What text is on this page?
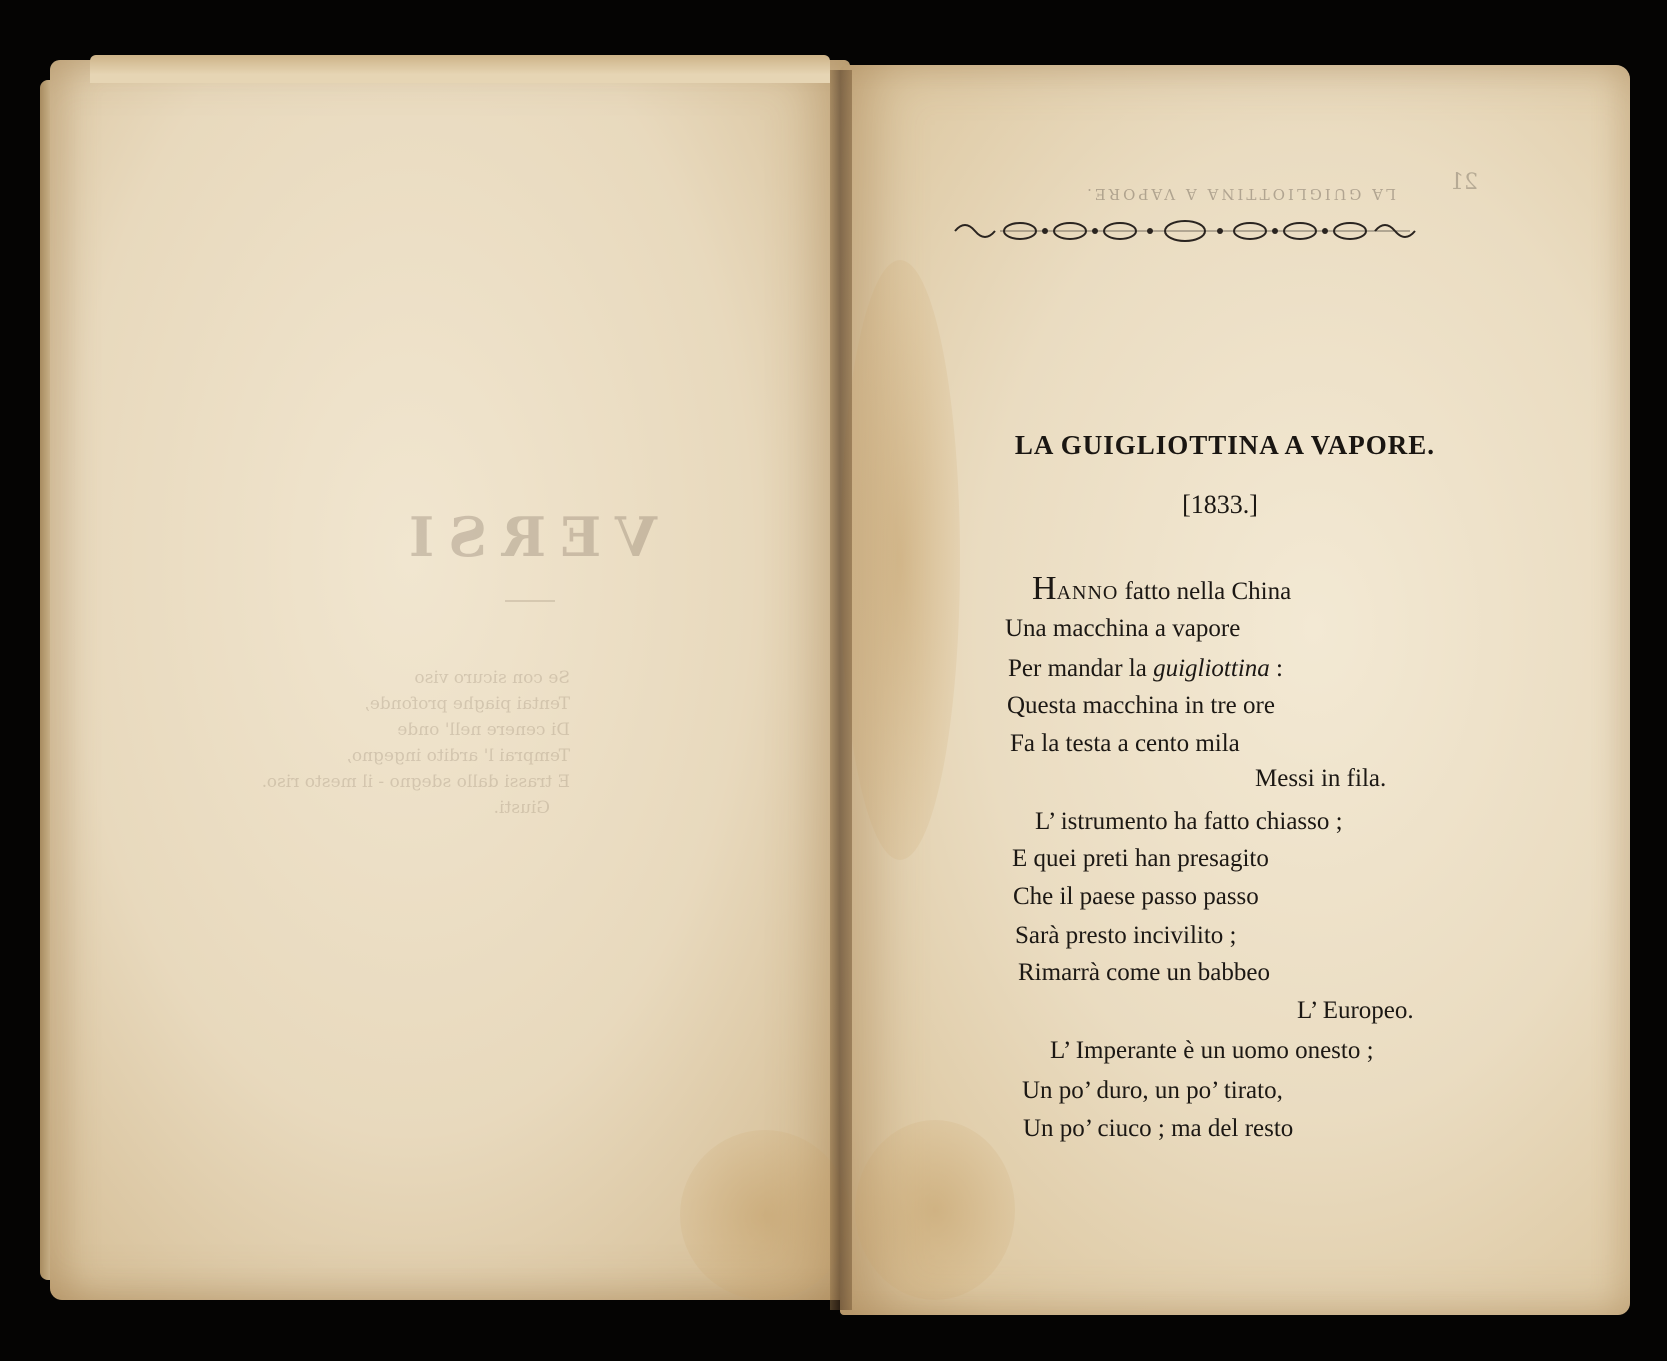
VERSI
Se con sicuro viso
Tentai piaghe profonde,
Di cenere nell' onde
Temprai l' ardito ingegno,
E trassi dallo sdegno - il mesto riso.
Giusti.
LA GUIGLIOTTINA A VAPORE.	21
LA GUIGLIOTTINA A VAPORE.
[1833.]
HANNO fatto nella China
Una macchina a vapore
Per mandar la guigliottina :
Questa macchina in tre ore
Fa la testa a cento mila
Messi in fila.
L’ istrumento ha fatto chiasso ;
E quei preti han presagito
Che il paese passo passo
Sarà presto incivilito ;
Rimarrà come un babbeo
L’ Europeo.
L’ Imperante è un uomo onesto ;
Un po’ duro, un po’ tirato,
Un po’ ciuco ; ma del resto
